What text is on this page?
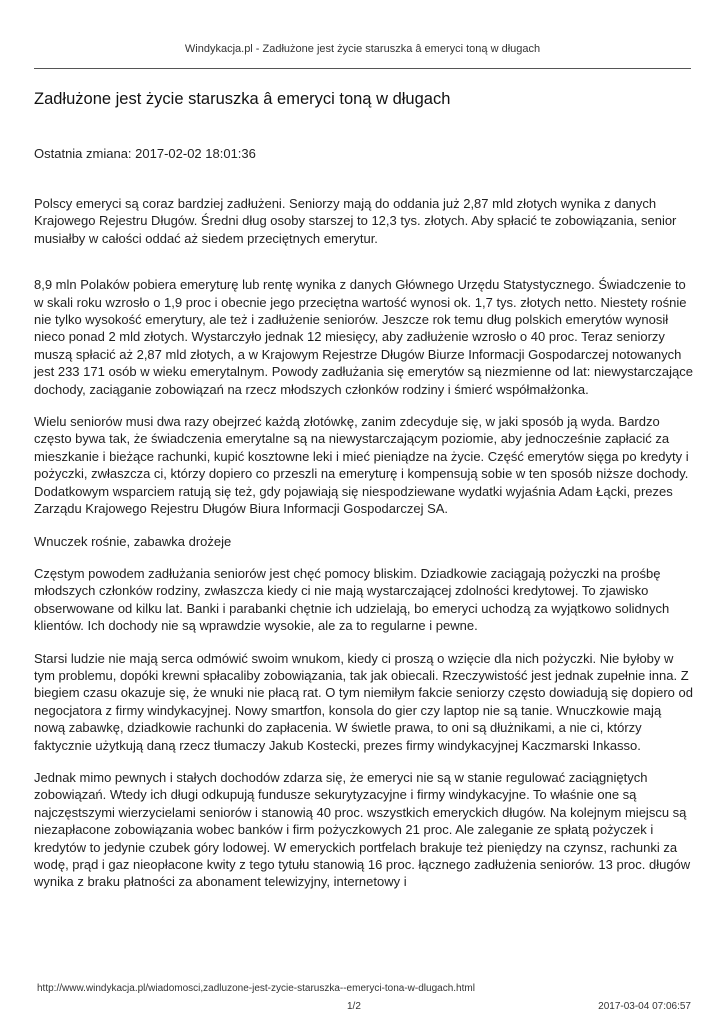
Windykacja.pl - Zadłużone jest życie staruszka â emeryci toną w długach
Zadłużone jest życie staruszka â emeryci toną w długach
Ostatnia zmiana: 2017-02-02 18:01:36

Polscy emeryci są coraz bardziej zadłużeni. Seniorzy mają do oddania już 2,87 mld złotych wynika z danych Krajowego Rejestru Długów. Średni dług osoby starszej to 12,3 tys. złotych. Aby spłacić te zobowiązania, senior musiałby w całości oddać aż siedem przeciętnych emerytur.

8,9 mln Polaków pobiera emeryturę lub rentę wynika z danych Głównego Urzędu Statystycznego. Świadczenie to w skali roku wzrosło o 1,9 proc i obecnie jego przeciętna wartość wynosi ok. 1,7 tys. złotych netto. Niestety rośnie nie tylko wysokość emerytury, ale też i zadłużenie seniorów. Jeszcze rok temu dług polskich emerytów wynosił nieco ponad 2 mld złotych. Wystarczyło jednak 12 miesięcy, aby zadłużenie wzrosło o 40 proc. Teraz seniorzy muszą spłacić aż 2,87 mld złotych, a w Krajowym Rejestrze Długów Biurze Informacji Gospodarczej notowanych jest 233 171 osób w wieku emerytalnym. Powody zadłużania się emerytów są niezmienne od lat: niewystarczające dochody, zaciąganie zobowiązań na rzecz młodszych członków rodziny i śmierć współmałżonka.

Wielu seniorów musi dwa razy obejrzeć każdą złotówkę, zanim zdecyduje się, w jaki sposób ją wyda. Bardzo często bywa tak, że świadczenia emerytalne są na niewystarczającym poziomie, aby jednocześnie zapłacić za mieszkanie i bieżące rachunki, kupić kosztowne leki i mieć pieniądze na życie. Część emerytów sięga po kredyty i pożyczki, zwłaszcza ci, którzy dopiero co przeszli na emeryturę i kompensują sobie w ten sposób niższe dochody. Dodatkowym wsparciem ratują się też, gdy pojawiają się niespodziewane wydatki wyjaśnia Adam Łącki, prezes Zarządu Krajowego Rejestru Długów Biura Informacji Gospodarczej SA.

Wnuczek rośnie, zabawka drożeje

Częstym powodem zadłużania seniorów jest chęć pomocy bliskim. Dziadkowie zaciągają pożyczki na prośbę młodszych członków rodziny, zwłaszcza kiedy ci nie mają wystarczającej zdolności kredytowej. To zjawisko obserwowane od kilku lat. Banki i parabanki chętnie ich udzielają, bo emeryci uchodzą za wyjątkowo solidnych klientów. Ich dochody nie są wprawdzie wysokie, ale za to regularne i pewne.

Starsi ludzie nie mają serca odmówić swoim wnukom, kiedy ci proszą o wzięcie dla nich pożyczki. Nie byłoby w tym problemu, dopóki krewni spłacaliby zobowiązania, tak jak obiecali. Rzeczywistość jest jednak zupełnie inna. Z biegiem czasu okazuje się, że wnuki nie płacą rat. O tym niemiłym fakcie seniorzy często dowiadują się dopiero od negocjatora z firmy windykacyjnej. Nowy smartfon, konsola do gier czy laptop nie są tanie. Wnuczkowie mają nową zabawkę, dziadkowie rachunki do zapłacenia. W świetle prawa, to oni są dłużnikami, a nie ci, którzy faktycznie użytkują daną rzecz tłumaczy Jakub Kostecki, prezes firmy windykacyjnej Kaczmarski Inkasso.

Jednak mimo pewnych i stałych dochodów zdarza się, że emeryci nie są w stanie regulować zaciągniętych zobowiązań. Wtedy ich długi odkupują fundusze sekurytyzacyjne i firmy windykacyjne. To właśnie one są najczęstszymi wierzycielami seniorów i stanowią 40 proc. wszystkich emeryckich długów. Na kolejnym miejscu są niezapłacone zobowiązania wobec banków i firm pożyczkowych 21 proc. Ale zaleganie ze spłatą pożyczek i kredytów to jedynie czubek góry lodowej. W emeryckich portfelach brakuje też pieniędzy na czynsz, rachunki za wodę, prąd i gaz nieopłacone kwity z tego tytułu stanowią 16 proc. łącznego zadłużenia seniorów. 13 proc. długów wynika z braku płatności za abonament telewizyjny, internetowy i

http://www.windykacja.pl/wiadomosci,zadluzone-jest-zycie-staruszka--emeryci-tona-w-dlugach.html
1/2	2017-03-04 07:06:57
